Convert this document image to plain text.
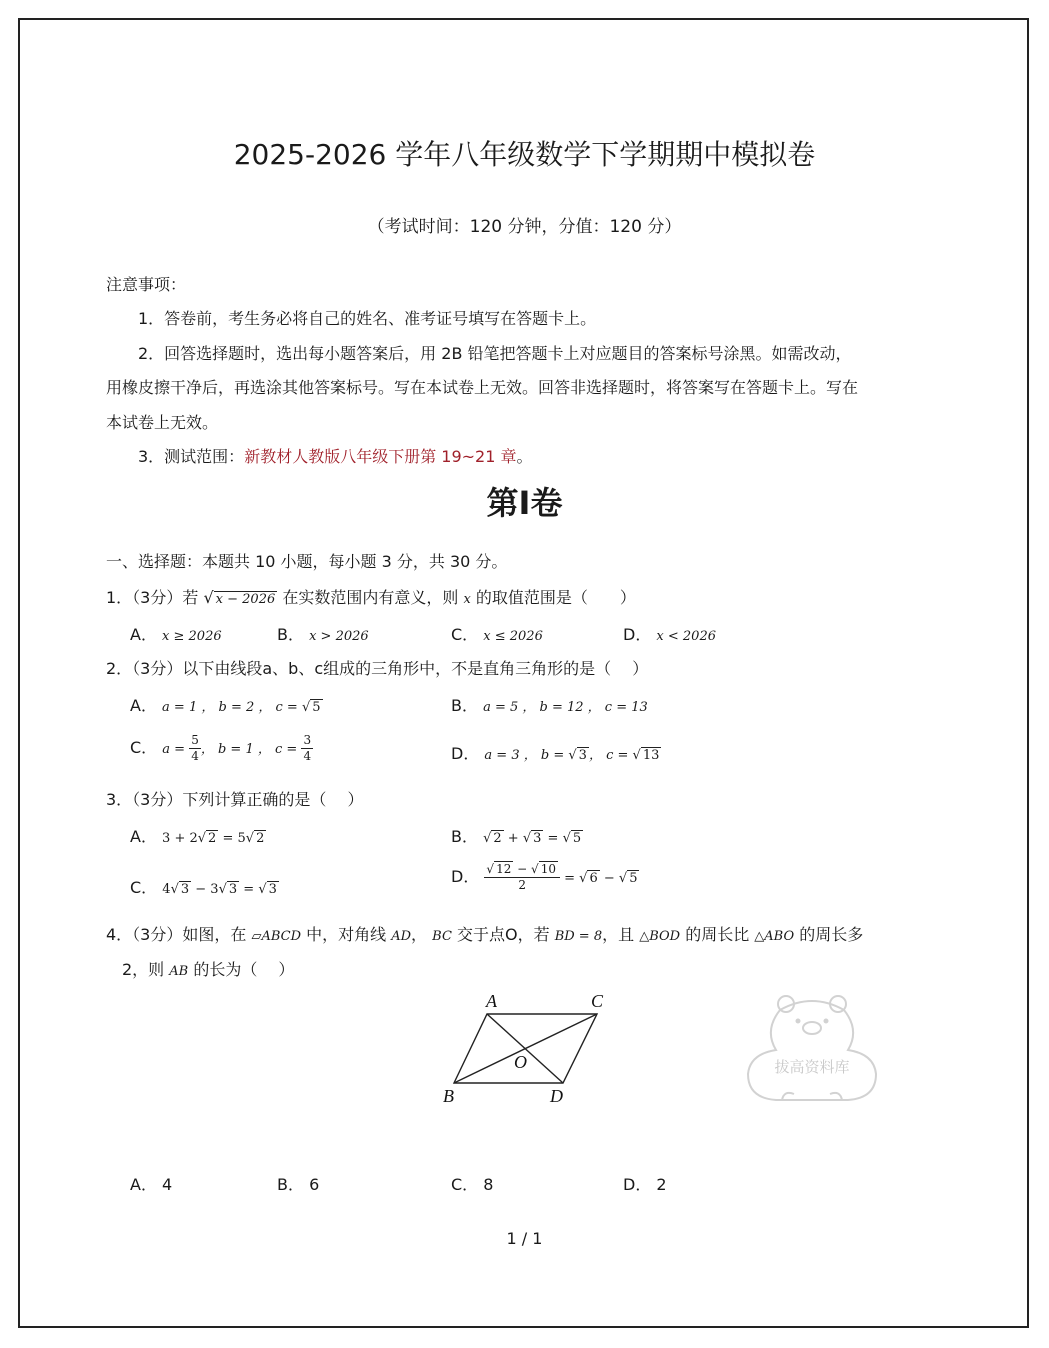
2025-2026 学年八年级数学下学期期中模拟卷
（考试时间：120 分钟，分值：120 分）
注意事项：
1．答卷前，考生务必将自己的姓名、准考证号填写在答题卡上。
2．回答选择题时，选出每小题答案后，用 2B 铅笔把答题卡上对应题目的答案标号涂黑。如需改动，
用橡皮擦干净后，再选涂其他答案标号。写在本试卷上无效。回答非选择题时，将答案写在答题卡上。写在
本试卷上无效。
3．测试范围：新教材人教版八年级下册第 19~21 章。
第Ⅰ卷
一、选择题：本题共 10 小题，每小题 3 分，共 30 分。
1．（3分）若 √ x − 2026 在实数范围内有意义，则 x 的取值范围是（　　）
A． x ≥ 2026	B． x > 2026	C． x ≤ 2026	D． x < 2026
2．（3分）以下由线段a、b、c组成的三角形中，不是直角三角形的是（　 ）
A． a = 1 ， b = 2 ， c = √ 5	B． a = 5 ， b = 12 ， c = 13
C． $a = \frac{5}{4}$ ， b = 1 ， $c = \frac{3}{4}$	D． a = 3 ， b = √ 3 ， c = √ 13
3．（3分）下列计算正确的是（　 ）
A． 3 + 2√ 2 = 5√ 2	B． √ 2 + √ 3 = √ 5
C． 4√ 3 − 3√ 3 = √ 3
D． $\frac{√ 12 - √ 10}{2}$ = √ 6 − √ 5
4．（3分）如图，在 ▱ABCD 中，对角线 AD， BC 交于点O，若 BD = 8，且 △BOD 的周长比 △ABO 的周长多
2，则 AB 的长为（　 ）
A	C
B	D
O	拔高资料库
A． 4	B． 6	C． 8	D． 2
1 / 1
